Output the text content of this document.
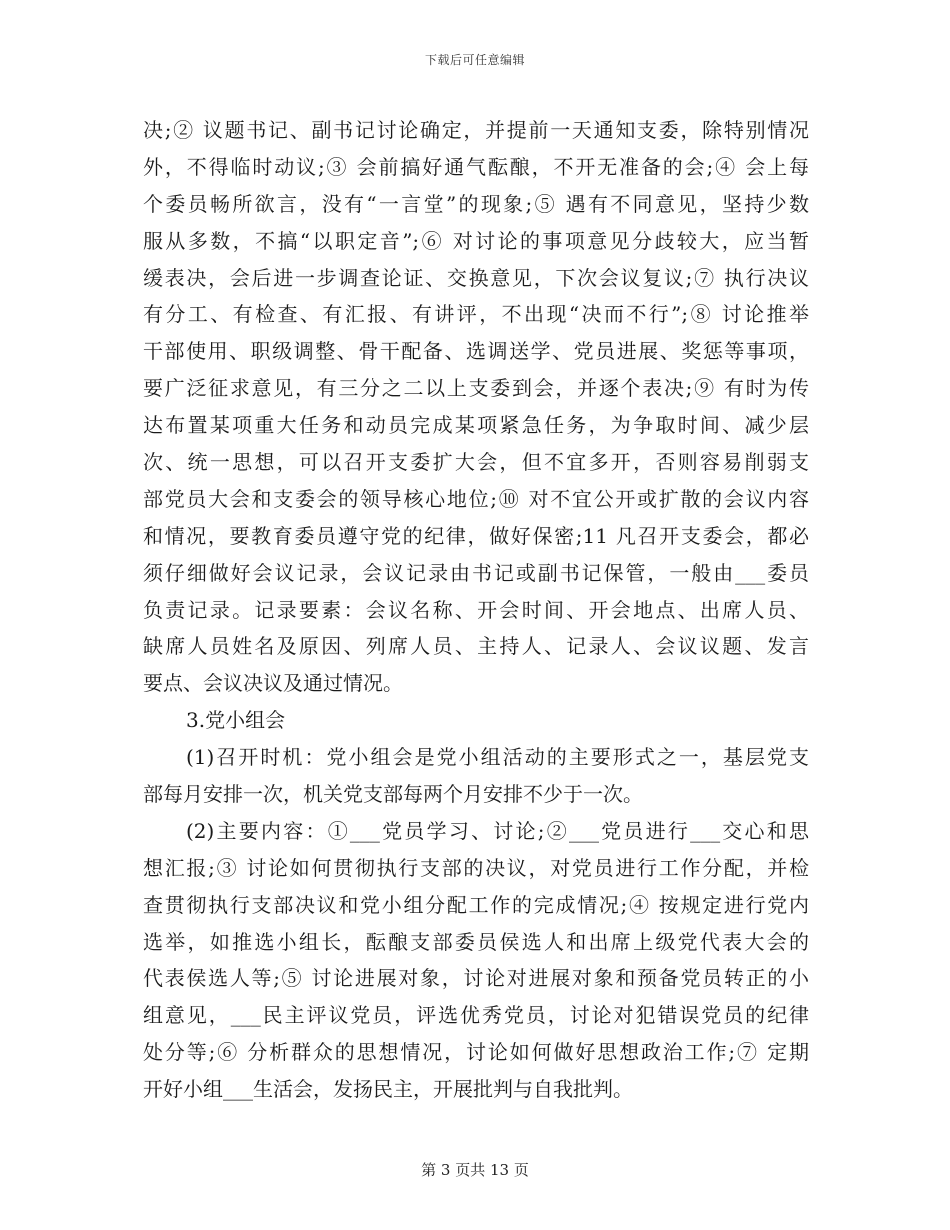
下载后可任意编辑
决;② 议题书记、副书记讨论确定，并提前一天通知支委，除特别情况
外，不得临时动议;③ 会前搞好通气酝酿，不开无准备的会;④ 会上每
个委员畅所欲言，没有“一言堂”的现象;⑤ 遇有不同意见，坚持少数
服从多数，不搞“以职定音”;⑥ 对讨论的事项意见分歧较大，应当暂
缓表决，会后进一步调查论证、交换意见，下次会议复议;⑦ 执行决议
有分工、有检查、有汇报、有讲评，不出现“决而不行”;⑧ 讨论推举
干部使用、职级调整、骨干配备、选调送学、党员进展、奖惩等事项，
要广泛征求意见，有三分之二以上支委到会，并逐个表决;⑨ 有时为传
达布置某项重大任务和动员完成某项紧急任务，为争取时间、减少层
次、统一思想，可以召开支委扩大会，但不宜多开，否则容易削弱支
部党员大会和支委会的领导核心地位;⑩ 对不宜公开或扩散的会议内容
和情况，要教育委员遵守党的纪律，做好保密;11 凡召开支委会，都必
须仔细做好会议记录，会议记录由书记或副书记保管，一般由___委员
负责记录。记录要素：会议名称、开会时间、开会地点、出席人员、
缺席人员姓名及原因、列席人员、主持人、记录人、会议议题、发言
要点、会议决议及通过情况。
3.党小组会
(1)召开时机：党小组会是党小组活动的主要形式之一，基层党支
部每月安排一次，机关党支部每两个月安排不少于一次。
(2)主要内容：①___党员学习、讨论;②___党员进行___交心和思
想汇报;③ 讨论如何贯彻执行支部的决议，对党员进行工作分配，并检
查贯彻执行支部决议和党小组分配工作的完成情况;④ 按规定进行党内
选举，如推选小组长，酝酿支部委员侯选人和出席上级党代表大会的
代表侯选人等;⑤ 讨论进展对象，讨论对进展对象和预备党员转正的小
组意见，___民主评议党员，评选优秀党员，讨论对犯错误党员的纪律
处分等;⑥ 分析群众的思想情况，讨论如何做好思想政治工作;⑦ 定期
开好小组___生活会，发扬民主，开展批判与自我批判。
第 3 页共 13 页
